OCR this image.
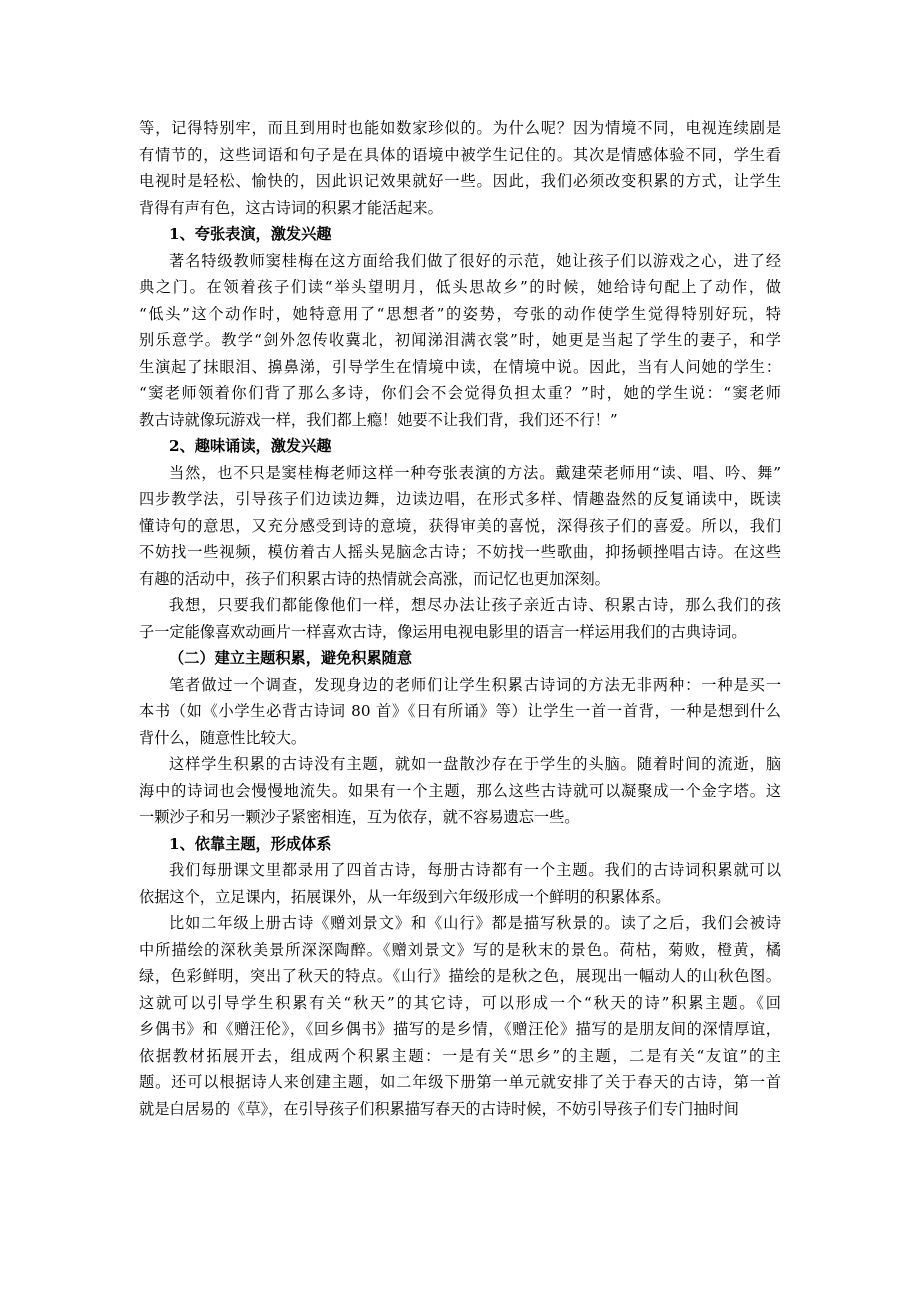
等，记得特别牢，而且到用时也能如数家珍似的。为什么呢？因为情境不同，电视连续剧是
有情节的，这些词语和句子是在具体的语境中被学生记住的。其次是情感体验不同，学生看
电视时是轻松、愉快的，因此识记效果就好一些。因此，我们必须改变积累的方式，让学生
背得有声有色，这古诗词的积累才能活起来。
1、夸张表演，激发兴趣
著名特级教师窦桂梅在这方面给我们做了很好的示范，她让孩子们以游戏之心，进了经
典之门。在领着孩子们读“举头望明月，低头思故乡”的时候，她给诗句配上了动作，做
“低头”这个动作时，她特意用了“思想者”的姿势，夸张的动作使学生觉得特别好玩，特
别乐意学。教学“剑外忽传收冀北，初闻涕泪满衣裳”时，她更是当起了学生的妻子，和学
生演起了抹眼泪、擤鼻涕，引导学生在情境中读，在情境中说。因此，当有人问她的学生：
“窦老师领着你们背了那么多诗，你们会不会觉得负担太重？”时，她的学生说：“窦老师
教古诗就像玩游戏一样，我们都上瘾！她要不让我们背，我们还不行！”
2、趣味诵读，激发兴趣
当然，也不只是窦桂梅老师这样一种夸张表演的方法。戴建荣老师用“读、唱、吟、舞”
四步教学法，引导孩子们边读边舞，边读边唱，在形式多样、情趣盎然的反复诵读中，既读
懂诗句的意思，又充分感受到诗的意境，获得审美的喜悦，深得孩子们的喜爱。所以，我们
不妨找一些视频，模仿着古人摇头晃脑念古诗；不妨找一些歌曲，抑扬顿挫唱古诗。在这些
有趣的活动中，孩子们积累古诗的热情就会高涨，而记忆也更加深刻。
我想，只要我们都能像他们一样，想尽办法让孩子亲近古诗、积累古诗，那么我们的孩
子一定能像喜欢动画片一样喜欢古诗，像运用电视电影里的语言一样运用我们的古典诗词。
（二）建立主题积累，避免积累随意
笔者做过一个调查，发现身边的老师们让学生积累古诗词的方法无非两种：一种是买一
本书（如《小学生必背古诗词 80 首》《日有所诵》等）让学生一首一首背，一种是想到什么
背什么，随意性比较大。
这样学生积累的古诗没有主题，就如一盘散沙存在于学生的头脑。随着时间的流逝，脑
海中的诗词也会慢慢地流失。如果有一个主题，那么这些古诗就可以凝聚成一个金字塔。这
一颗沙子和另一颗沙子紧密相连，互为依存，就不容易遗忘一些。
1、依靠主题，形成体系
我们每册课文里都录用了四首古诗，每册古诗都有一个主题。我们的古诗词积累就可以
依据这个，立足课内，拓展课外，从一年级到六年级形成一个鲜明的积累体系。
比如二年级上册古诗《赠刘景文》和《山行》都是描写秋景的。读了之后，我们会被诗
中所描绘的深秋美景所深深陶醉。《赠刘景文》写的是秋末的景色。荷枯，菊败，橙黄，橘
绿，色彩鲜明，突出了秋天的特点。《山行》描绘的是秋之色，展现出一幅动人的山秋色图。
这就可以引导学生积累有关“秋天”的其它诗，可以形成一个“秋天的诗”积累主题。《回
乡偶书》和《赠汪伦》，《回乡偶书》描写的是乡情，《赠汪伦》描写的是朋友间的深情厚谊，
依据教材拓展开去，组成两个积累主题：一是有关“思乡”的主题，二是有关“友谊”的主
题。还可以根据诗人来创建主题，如二年级下册第一单元就安排了关于春天的古诗，第一首
就是白居易的《草》，在引导孩子们积累描写春天的古诗时候，不妨引导孩子们专门抽时间
